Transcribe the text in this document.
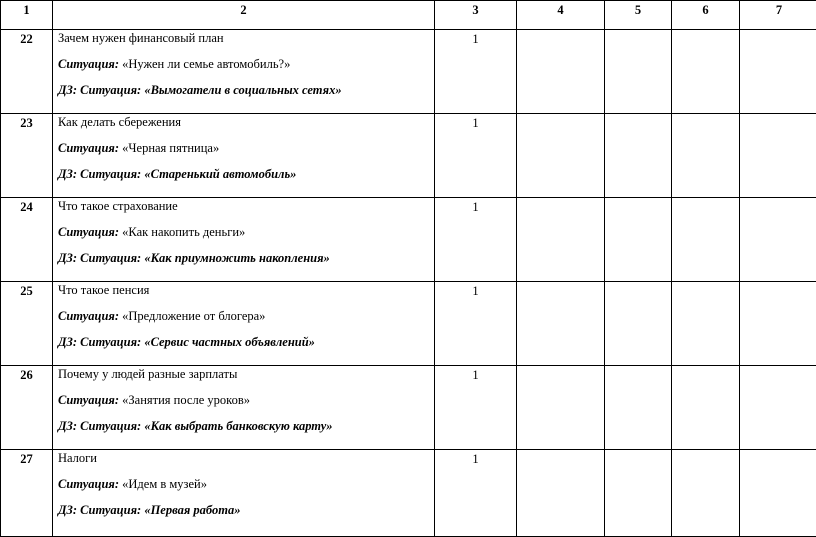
1	2	3	4	5	6	7
22	Зачем нужен финансовый план
Ситуация: «Нужен ли семье автомобиль?»
ДЗ: Ситуация: «Вымогатели в социальных сетях»	1				
23	Как делать сбережения
Ситуация: «Черная пятница»
ДЗ: Ситуация: «Старенький автомобиль»	1				
24	Что такое страхование
Ситуация: «Как накопить деньги»
ДЗ: Ситуация: «Как приумножить накопления»	1				
25	Что такое пенсия
Ситуация: «Предложение от блогера»
ДЗ: Ситуация: «Сервис частных объявлений»	1				
26	Почему у людей разные зарплаты
Ситуация: «Занятия после уроков»
ДЗ: Ситуация: «Как выбрать банковскую карту»	1				
27	Налоги
Ситуация: «Идем в музей»
ДЗ: Ситуация: «Первая работа»	1				
